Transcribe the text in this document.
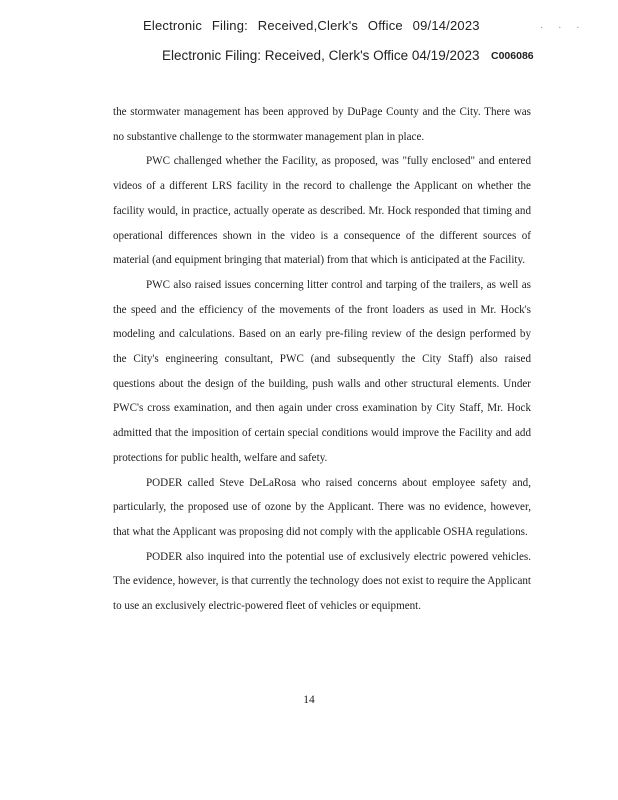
Electronic Filing: Received,Clerk's Office 09/14/2023	· · ·
Electronic Filing: Received, Clerk's Office 04/19/2023 C006086

the stormwater management has been approved by DuPage County and the City. There was no substantive challenge to the stormwater management plan in place.

PWC challenged whether the Facility, as proposed, was "fully enclosed" and entered videos of a different LRS facility in the record to challenge the Applicant on whether the facility would, in practice, actually operate as described. Mr. Hock responded that timing and operational differences shown in the video is a consequence of the different sources of material (and equipment bringing that material) from that which is anticipated at the Facility.

PWC also raised issues concerning litter control and tarping of the trailers, as well as the speed and the efficiency of the movements of the front loaders as used in Mr. Hock's modeling and calculations. Based on an early pre-filing review of the design performed by the City's engineering consultant, PWC (and subsequently the City Staff) also raised questions about the design of the building, push walls and other structural elements. Under PWC's cross examination, and then again under cross examination by City Staff, Mr. Hock admitted that the imposition of certain special conditions would improve the Facility and add protections for public health, welfare and safety.

PODER called Steve DeLaRosa who raised concerns about employee safety and, particularly, the proposed use of ozone by the Applicant. There was no evidence, however, that what the Applicant was proposing did not comply with the applicable OSHA regulations.

PODER also inquired into the potential use of exclusively electric powered vehicles. The evidence, however, is that currently the technology does not exist to require the Applicant to use an exclusively electric-powered fleet of vehicles or equipment.

14
